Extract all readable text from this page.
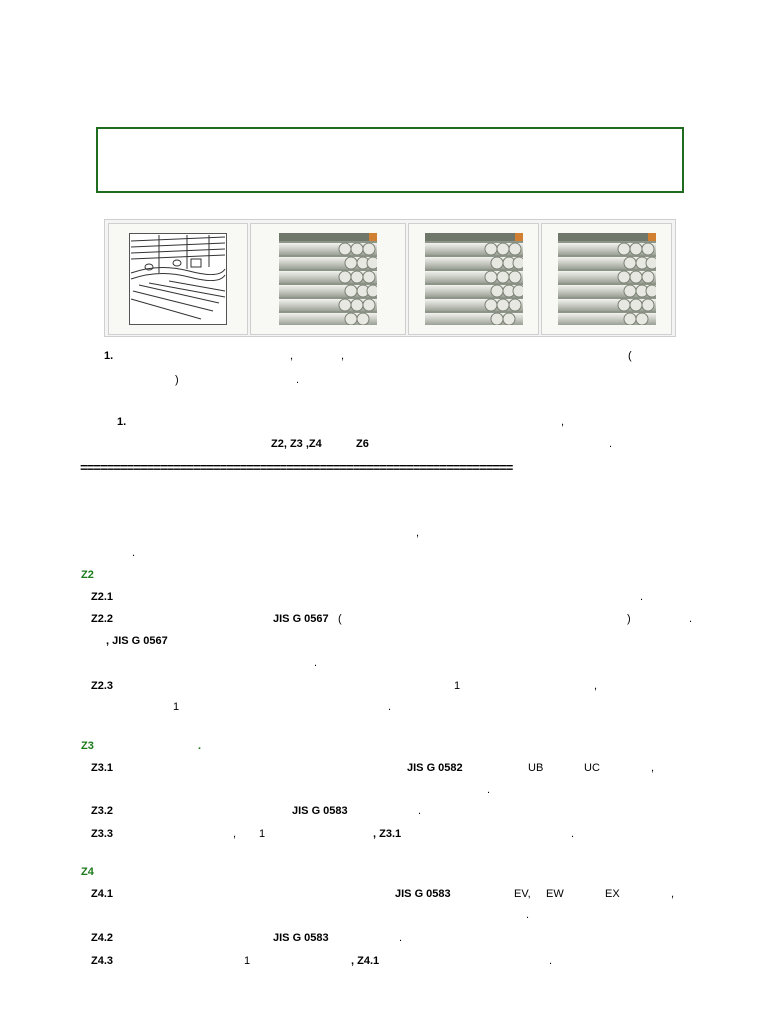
1.	,	,	(
)	.
1.	,
Z2, Z3 ,Z4	Z6	.
=================================================================
,
.
Z2
Z2.1	.
Z2.2	JIS G 0567 (	)	.
, JIS G 0567
.
Z2.3	1	,
1	.
Z3	.
Z3.1	JIS G 0582	UB	UC	,
.
Z3.2	JIS G 0583	.
Z3.3	, 1	, Z3.1	.
Z4
Z4.1	JIS G 0583	EV, EW	EX	,
.
Z4.2	JIS G 0583	.
Z4.3	1	, Z4.1	.
